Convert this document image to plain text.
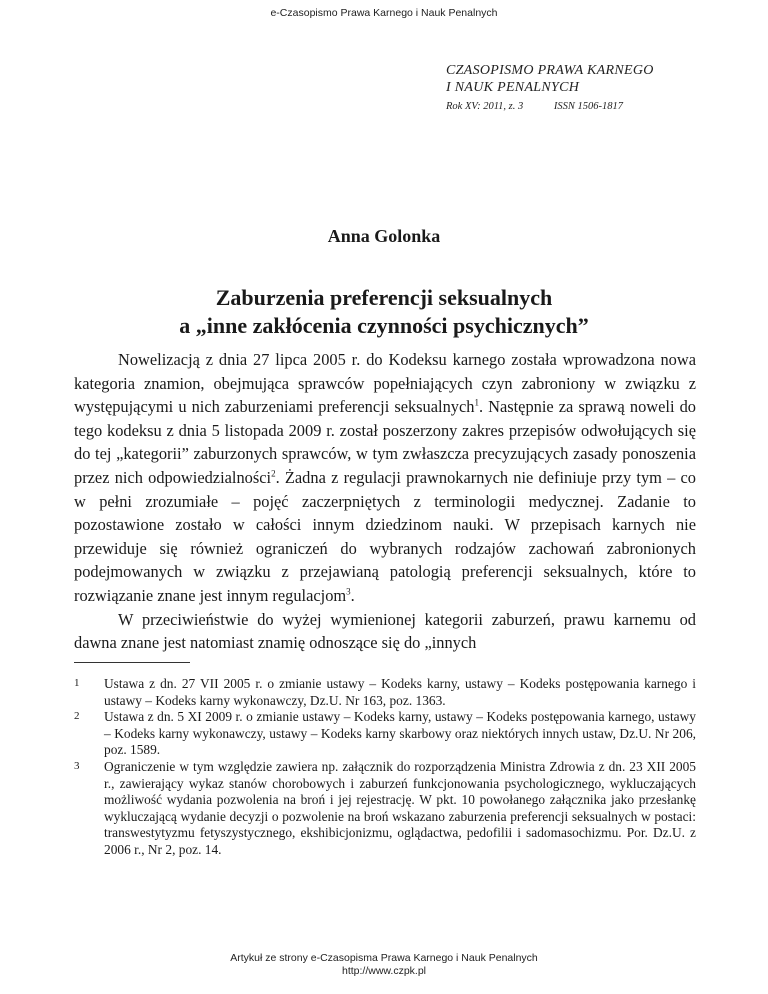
e-Czasopismo Prawa Karnego i Nauk Penalnych
CZASOPISMO PRAWA KARNEGO
I NAUK PENALNYCH
Rok XV: 2011, z. 3	ISSN 1506-1817
Anna Golonka
Zaburzenia preferencji seksualnych
a „inne zakłócenia czynności psychicznych”

Nowelizacją z dnia 27 lipca 2005 r. do Kodeksu karnego została wprowadzona nowa kategoria znamion, obejmująca sprawców popełniających czyn zabroniony w związku z występującymi u nich zaburzeniami preferencji seksualnych$^1$. Następnie za sprawą noweli do tego kodeksu z dnia 5 listopada 2009 r. został poszerzony zakres przepisów odwołujących się do tej „kategorii” zaburzonych sprawców, w tym zwłaszcza precyzujących zasady ponoszenia przez nich odpowiedzialności$^2$. Żadna z regulacji prawnokarnych nie definiuje przy tym – co w pełni zrozumiałe – pojęć zaczerpniętych z terminologii medycznej. Zadanie to pozostawione zostało w całości innym dziedzinom nauki. W przepisach karnych nie przewiduje się również ograniczeń do wybranych rodzajów zachowań zabronionych podejmowanych w związku z przejawianą patologią preferencji seksualnych, które to rozwiązanie znane jest innym regulacjom$^3$.

W przeciwieństwie do wyżej wymienionej kategorii zaburzeń, prawu karnemu od dawna znane jest natomiast znamię odnoszące się do „innych

1	Ustawa z dn. 27 VII 2005 r. o zmianie ustawy – Kodeks karny, ustawy – Kodeks postępowania karnego i ustawy – Kodeks karny wykonawczy, Dz.U. Nr 163, poz. 1363.
2	Ustawa z dn. 5 XI 2009 r. o zmianie ustawy – Kodeks karny, ustawy – Kodeks postępowania karnego, ustawy – Kodeks karny wykonawczy, ustawy – Kodeks karny skarbowy oraz niektórych innych ustaw, Dz.U. Nr 206, poz. 1589.
3	Ograniczenie w tym względzie zawiera np. załącznik do rozporządzenia Ministra Zdrowia z dn. 23 XII 2005 r., zawierający wykaz stanów chorobowych i zaburzeń funkcjonowania psychologicznego, wykluczających możliwość wydania pozwolenia na broń i jej rejestrację. W pkt. 10 powołanego załącznika jako przesłankę wykluczającą wydanie decyzji o pozwolenie na broń wskazano zaburzenia preferencji seksualnych w postaci: transwestytyzmu fetyszystycznego, ekshibicjonizmu, oglądactwa, pedofilii i sadomasochizmu. Por. Dz.U. z 2006 r., Nr 2, poz. 14.
Artykuł ze strony e-Czasopisma Prawa Karnego i Nauk Penalnych
http://www.czpk.pl
